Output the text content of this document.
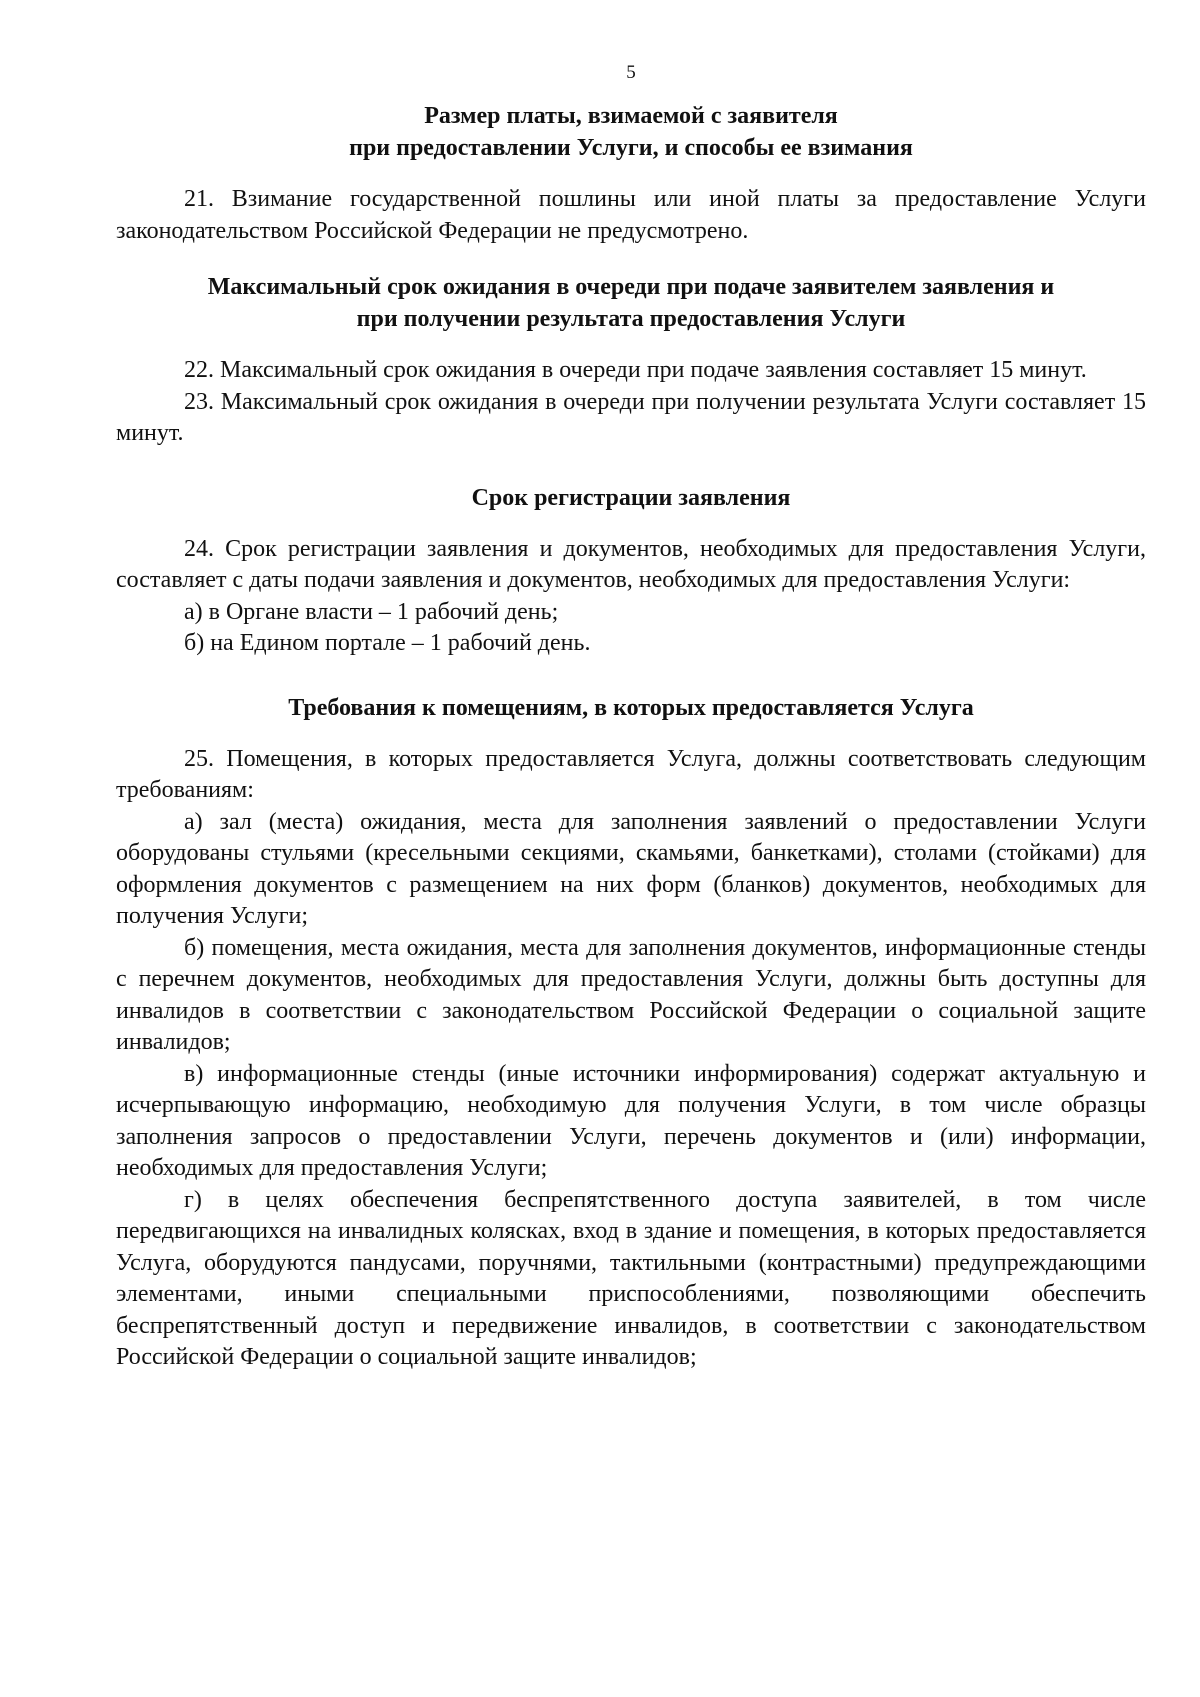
5
Размер платы, взимаемой с заявителя
при предоставлении Услуги, и способы ее взимания

21. Взимание государственной пошлины или иной платы за предоставление Услуги законодательством Российской Федерации не предусмотрено.

Максимальный срок ожидания в очереди при подаче заявителем заявления и
при получении результата предоставления Услуги

22. Максимальный срок ожидания в очереди при подаче заявления составляет 15 минут.

23. Максимальный срок ожидания в очереди при получении результата Услуги составляет 15 минут.

Срок регистрации заявления

24. Срок регистрации заявления и документов, необходимых для предоставления Услуги, составляет с даты подачи заявления и документов, необходимых для предоставления Услуги:

а) в Органе власти – 1 рабочий день;

б) на Едином портале – 1 рабочий день.

Требования к помещениям, в которых предоставляется Услуга

25. Помещения, в которых предоставляется Услуга, должны соответствовать следующим требованиям:

а) зал (места) ожидания, места для заполнения заявлений о предоставлении Услуги оборудованы стульями (кресельными секциями, скамьями, банкетками), столами (стойками) для оформления документов с размещением на них форм (бланков) документов, необходимых для получения Услуги;

б) помещения, места ожидания, места для заполнения документов, информационные стенды с перечнем документов, необходимых для предоставления Услуги, должны быть доступны для инвалидов в соответствии с законодательством Российской Федерации о социальной защите инвалидов;

в) информационные стенды (иные источники информирования) содержат актуальную и исчерпывающую информацию, необходимую для получения Услуги, в том числе образцы заполнения запросов о предоставлении Услуги, перечень документов и (или) информации, необходимых для предоставления Услуги;

г) в целях обеспечения беспрепятственного доступа заявителей, в том числе передвигающихся на инвалидных колясках, вход в здание и помещения, в которых предоставляется Услуга, оборудуются пандусами, поручнями, тактильными (контрастными) предупреждающими элементами, иными специальными приспособлениями, позволяющими обеспечить беспрепятственный доступ и передвижение инвалидов, в соответствии с законодательством Российской Федерации о социальной защите инвалидов;
